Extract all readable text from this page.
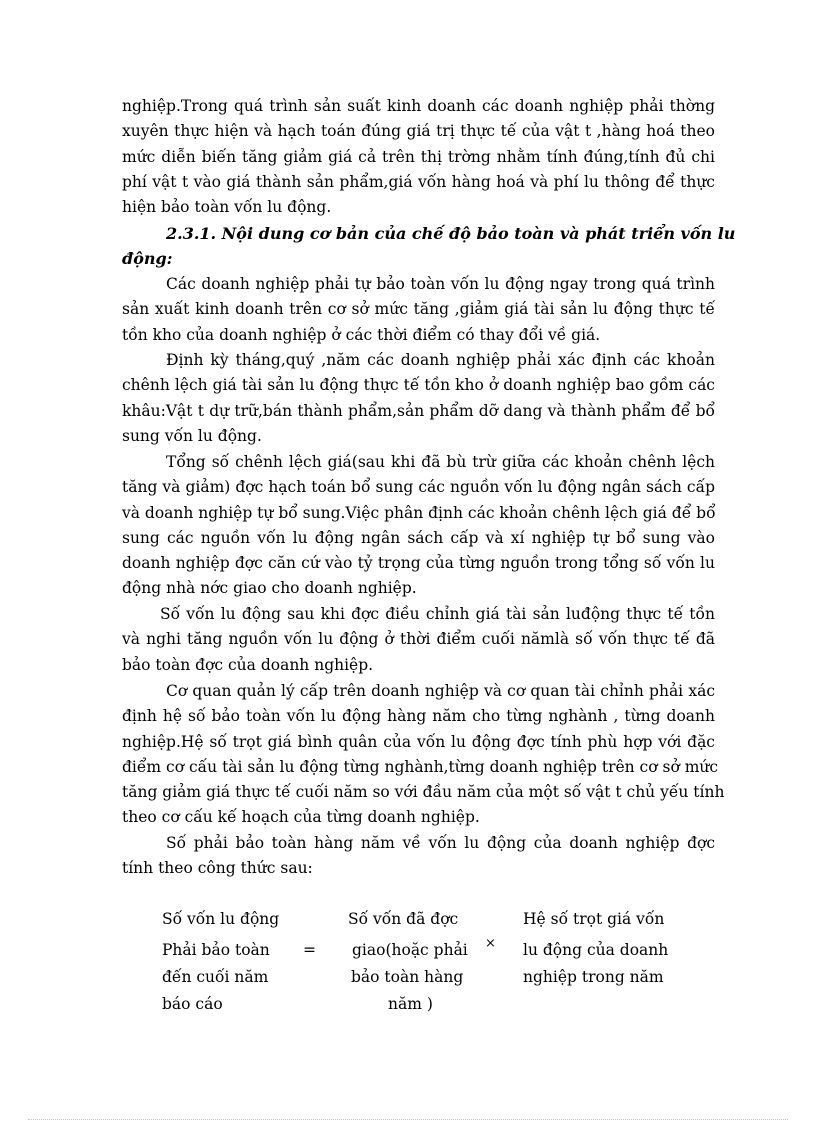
nghiệp.Trong quá trình sản suất kinh doanh các doanh nghiệp phải thờng
xuyên thực hiện và hạch toán đúng giá trị thực tế của vật t ,hàng hoá theo
mức diễn biến tăng giảm giá cả trên thị trờng nhằm tính đúng,tính đủ chi
phí vật t vào giá thành sản phẩm,giá vốn hàng hoá và phí lu thông để thực
hiện bảo toàn vốn lu động.
2.3.1. Nội dung cơ bản của chế độ bảo toàn và phát triển vốn lu
động:
Các doanh nghiệp phải tự bảo toàn vốn lu động ngay trong quá trình
sản xuất kinh doanh trên cơ sở mức tăng ,giảm giá tài sản lu động thực tế
tồn kho của doanh nghiệp ở các thời điểm có thay đổi về giá.
Định kỳ tháng,quý ,năm các doanh nghiệp phải xác định các khoản
chênh lệch giá tài sản lu động thực tế tồn kho ở doanh nghiệp bao gồm các
khâu:Vật t dự trữ,bán thành phẩm,sản phẩm dỡ dang và thành phẩm để bổ
sung vốn lu động.
Tổng số chênh lệch giá(sau khi đã bù trừ giữa các khoản chênh lệch
tăng và giảm) đợc hạch toán bổ sung các nguồn vốn lu động ngân sách cấp
và doanh nghiệp tự bổ sung.Việc phân định các khoản chênh lệch giá để bổ
sung các nguồn vốn lu động ngân sách cấp và xí nghiệp tự bổ sung vào
doanh nghiệp đợc căn cứ vào tỷ trọng của từng nguồn trong tổng số vốn lu
động nhà nớc giao cho doanh nghiệp.
Số vốn lu động sau khi đợc điều chỉnh giá tài sản luđộng thực tế tồn
và nghi tăng nguồn vốn lu động ở thời điểm cuối nămlà số vốn thực tế đã
bảo toàn đợc của doanh nghiệp.
Cơ quan quản lý cấp trên doanh nghiệp và cơ quan tài chỉnh phải xác
định hệ số bảo toàn vốn lu động hàng năm cho từng nghành , từng doanh
nghiệp.Hệ số trọt giá bình quân của vốn lu động đợc tính phù hợp với đặc
điểm cơ cấu tài sản lu động từng nghành,từng doanh nghiệp trên cơ sở mức
tăng giảm giá thực tế cuối năm so với đầu năm của một số vật t chủ yếu tính
theo cơ cấu kế hoạch của từng doanh nghiệp.
Số phải bảo toàn hàng năm về vốn lu động của doanh nghiệp đợc
tính theo công thức sau:
Số vốn lu động
Phải bảo toàn
đến cuối năm
báo cáo
=
Số vốn đã đợc
giao(hoặc phải
bảo toàn hàng
năm )
×
Hệ số trọt giá vốn
lu động của doanh
nghiệp trong năm
